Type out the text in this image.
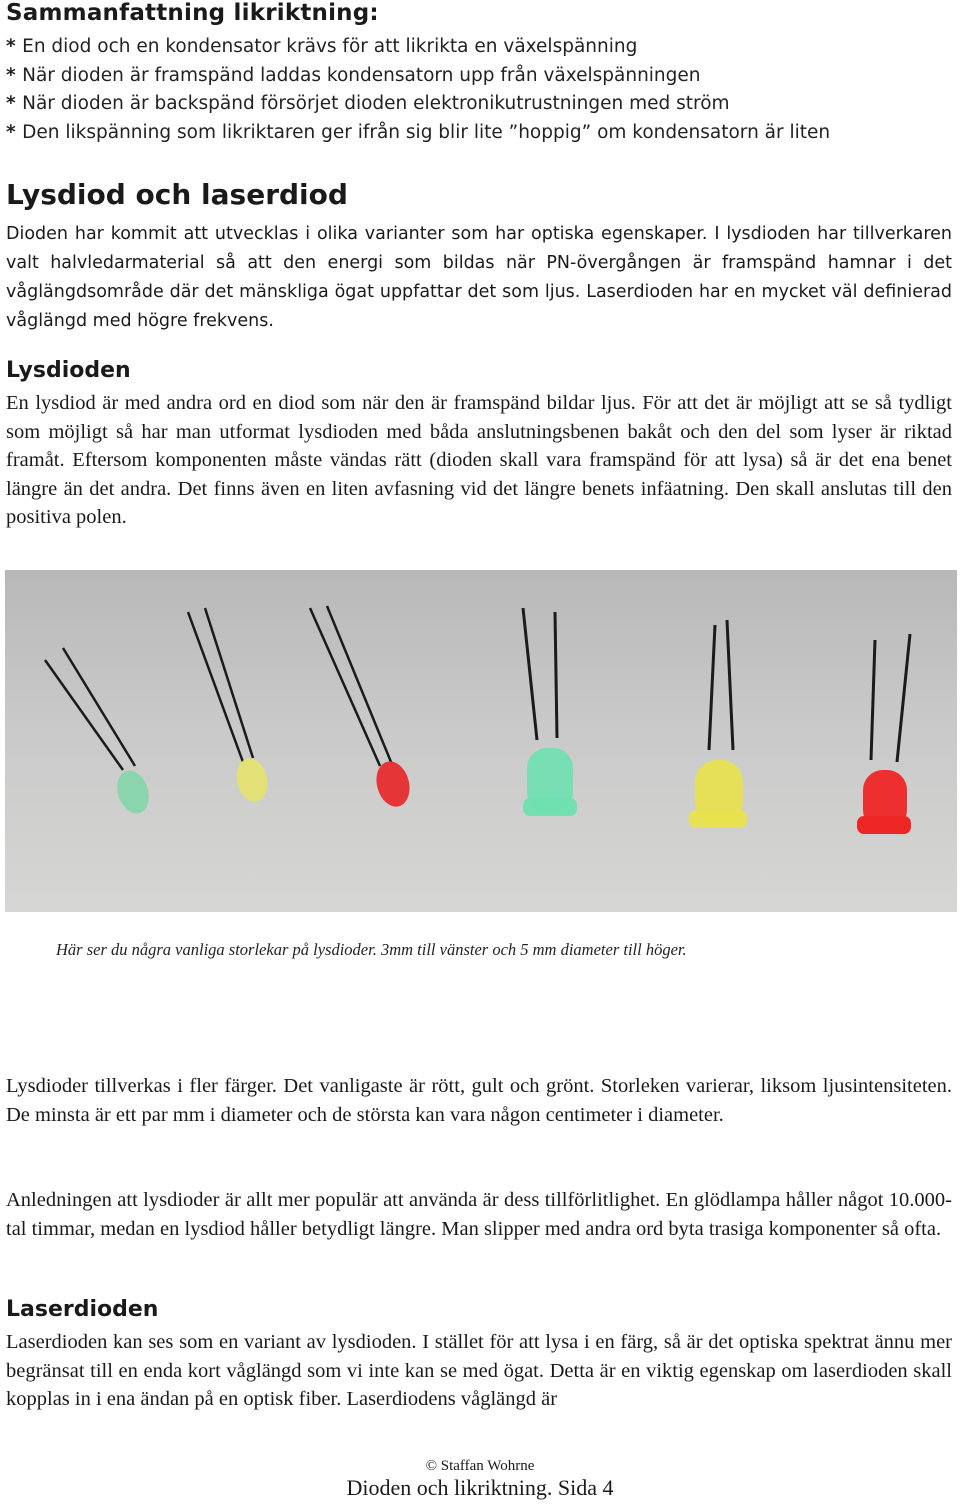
Sammanfattning likriktning:
* En diod och en kondensator krävs för att likrikta en växelspänning
* När dioden är framspänd laddas kondensatorn upp från växelspänningen
* När dioden är backspänd försörjet dioden elektronikutrustningen med ström
* Den likspänning som likriktaren ger ifrån sig blir lite ”hoppig” om kondensatorn är liten
Lysdiod och laserdiod
Dioden har kommit att utvecklas i olika varianter som har optiska egenskaper. I lysdioden har tillverkaren valt halvledarmaterial så att den energi som bildas när PN-övergången är framspänd hamnar i det våglängdsområde där det mänskliga ögat uppfattar det som ljus. Laserdioden har en mycket väl definierad våglängd med högre frekvens.
Lysdioden
En lysdiod är med andra ord en diod som när den är framspänd bildar ljus. För att det är möjligt att se så tydligt som möjligt så har man utformat lysdioden med båda anslutningsbenen bakåt och den del som lyser är riktad framåt. Eftersom komponenten måste vändas rätt (dioden skall vara framspänd för att lysa) så är det ena benet längre än det andra. Det finns även en liten avfasning vid det längre benets infäatning. Den skall anslutas till den positiva polen.
Här ser du några vanliga storlekar på lysdioder. 3mm till vänster och 5 mm diameter till höger.
Lysdioder tillverkas i fler färger. Det vanligaste är rött, gult och grönt. Storleken varierar, liksom ljusintensiteten. De minsta är ett par mm i diameter och de största kan vara någon centimeter i diameter.
Anledningen att lysdioder är allt mer populär att använda är dess tillförlitlighet. En glödlampa håller något 10.000-tal timmar, medan en lysdiod håller betydligt längre. Man slipper med andra ord byta trasiga komponenter så ofta.
Laserdioden
Laserdioden kan ses som en variant av lysdioden. I stället för att lysa i en färg, så är det optiska spektrat ännu mer begränsat till en enda kort våglängd som vi inte kan se med ögat. Detta är en viktig egenskap om laserdioden skall kopplas in i ena ändan på en optisk fiber. Laserdiodens våglängd är
© Staffan Wohrne
Dioden och likriktning. Sida 4
